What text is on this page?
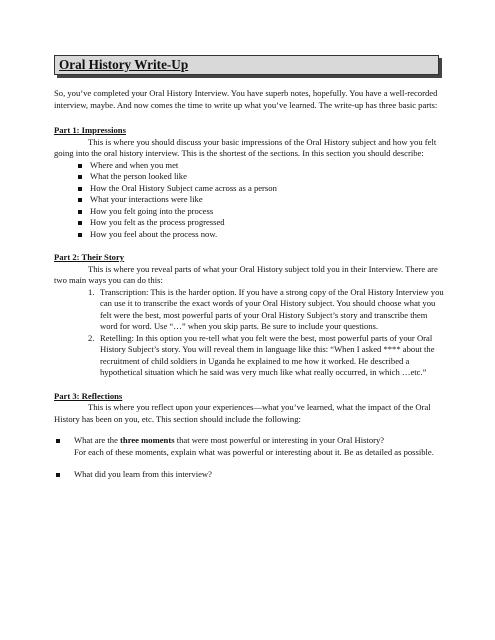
Oral History Write-Up

So, you’ve completed your Oral History Interview. You have superb notes, hopefully. You have a well-recorded interview, maybe. And now comes the time to write up what you’ve learned. The write-up has three basic parts:

Part 1: Impressions

This is where you should discuss your basic impressions of the Oral History subject and how you felt going into the oral history interview. This is the shortest of the sections. In this section you should describe:

Where and when you met
What the person looked like
How the Oral History Subject came across as a person
What your interactions were like
How you felt going into the process
How you felt as the process progressed
How you feel about the process now.

Part 2: Their Story

This is where you reveal parts of what your Oral History subject told you in their Interview. There are two main ways you can do this:

1. Transcription: This is the harder option. If you have a strong copy of the Oral History Interview you can use it to transcribe the exact words of your Oral History subject. You should choose what you felt were the best, most powerful parts of your Oral History Subject’s story and transcribe them word for word. Use “…” when you skip parts. Be sure to include your questions.
2. Retelling: In this option you re-tell what you felt were the best, most powerful parts of your Oral History Subject’s story. You will reveal them in language like this: “When I asked **** about the recruitment of child soldiers in Uganda he explained to me how it worked. He described a hypothetical situation which he said was very much like what really occurred, in which …etc.”

Part 3: Reflections

This is where you reflect upon your experiences—what you’ve learned, what the impact of the Oral History has been on you, etc. This section should include the following:

What are the three moments that were most powerful or interesting in your Oral History?

For each of these moments, explain what was powerful or interesting about it. Be as detailed as possible.

What did you learn from this interview?
